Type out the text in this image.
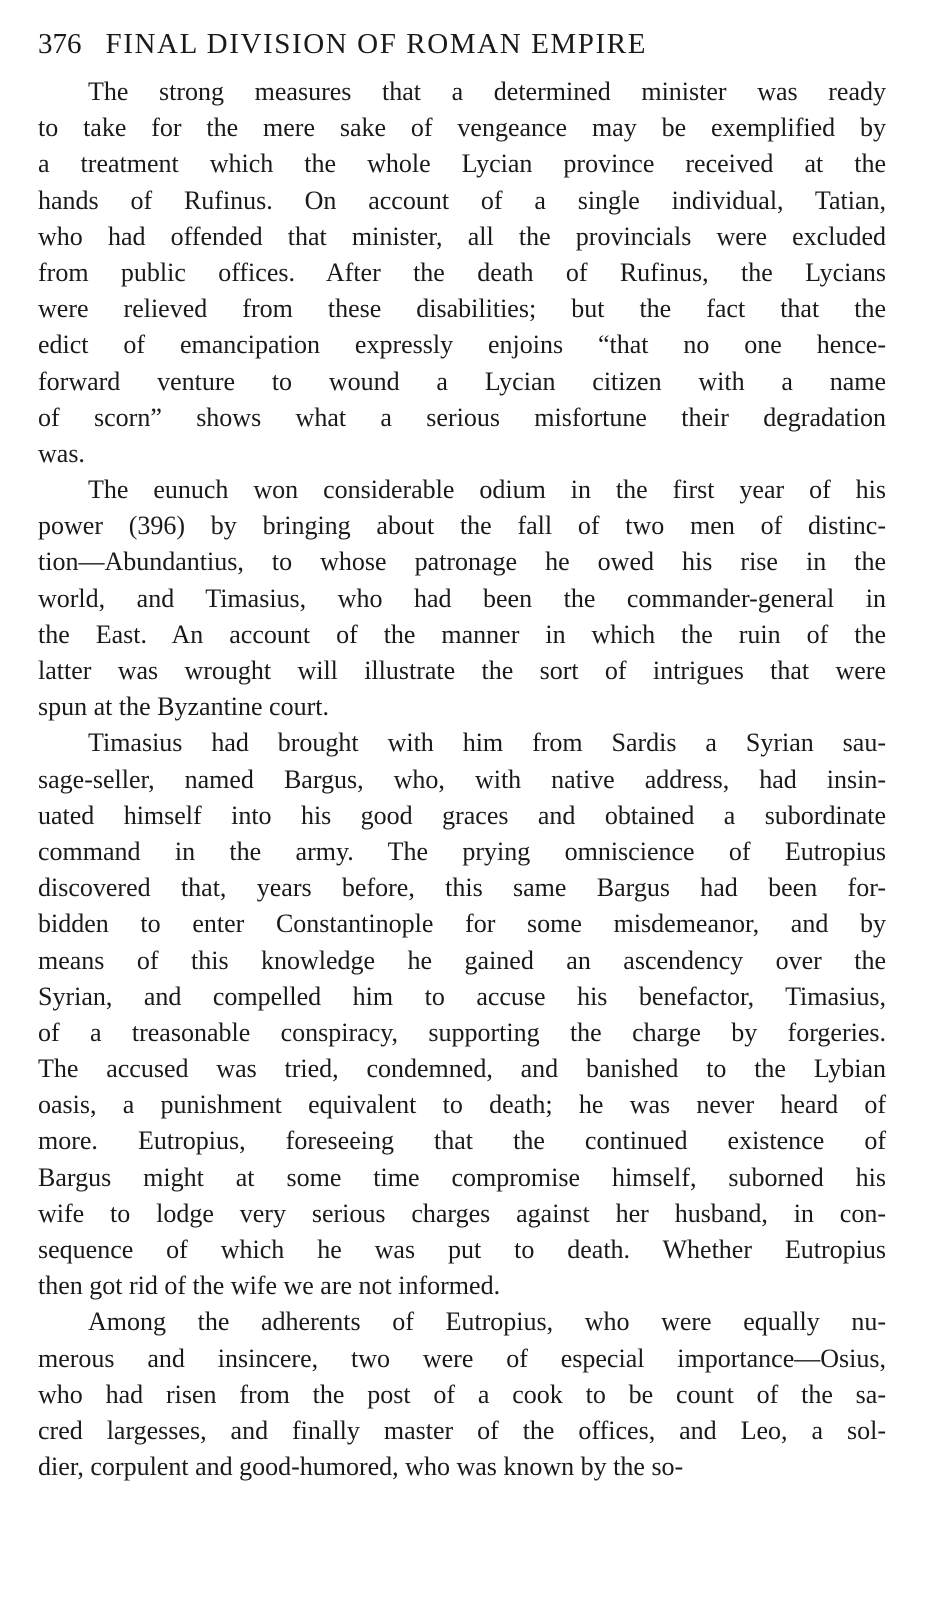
376 FINAL DIVISION OF ROMAN EMPIRE
The strong measures that a determined minister was ready
to take for the mere sake of vengeance may be exemplified by
a treatment which the whole Lycian province received at the
hands of Rufinus. On account of a single individual, Tatian,
who had offended that minister, all the provincials were excluded
from public offices. After the death of Rufinus, the Lycians
were relieved from these disabilities; but the fact that the
edict of emancipation expressly enjoins “that no one hence-
forward venture to wound a Lycian citizen with a name
of scorn” shows what a serious misfortune their degradation
was.
The eunuch won considerable odium in the first year of his
power (396) by bringing about the fall of two men of distinc-
tion—Abundantius, to whose patronage he owed his rise in the
world, and Timasius, who had been the commander-general in
the East. An account of the manner in which the ruin of the
latter was wrought will illustrate the sort of intrigues that were
spun at the Byzantine court.
Timasius had brought with him from Sardis a Syrian sau-
sage-seller, named Bargus, who, with native address, had insin-
uated himself into his good graces and obtained a subordinate
command in the army. The prying omniscience of Eutropius
discovered that, years before, this same Bargus had been for-
bidden to enter Constantinople for some misdemeanor, and by
means of this knowledge he gained an ascendency over the
Syrian, and compelled him to accuse his benefactor, Timasius,
of a treasonable conspiracy, supporting the charge by forgeries.
The accused was tried, condemned, and banished to the Lybian
oasis, a punishment equivalent to death; he was never heard of
more. Eutropius, foreseeing that the continued existence of
Bargus might at some time compromise himself, suborned his
wife to lodge very serious charges against her husband, in con-
sequence of which he was put to death. Whether Eutropius
then got rid of the wife we are not informed.
Among the adherents of Eutropius, who were equally nu-
merous and insincere, two were of especial importance—Osius,
who had risen from the post of a cook to be count of the sa-
cred largesses, and finally master of the offices, and Leo, a sol-
dier, corpulent and good-humored, who was known by the so-
